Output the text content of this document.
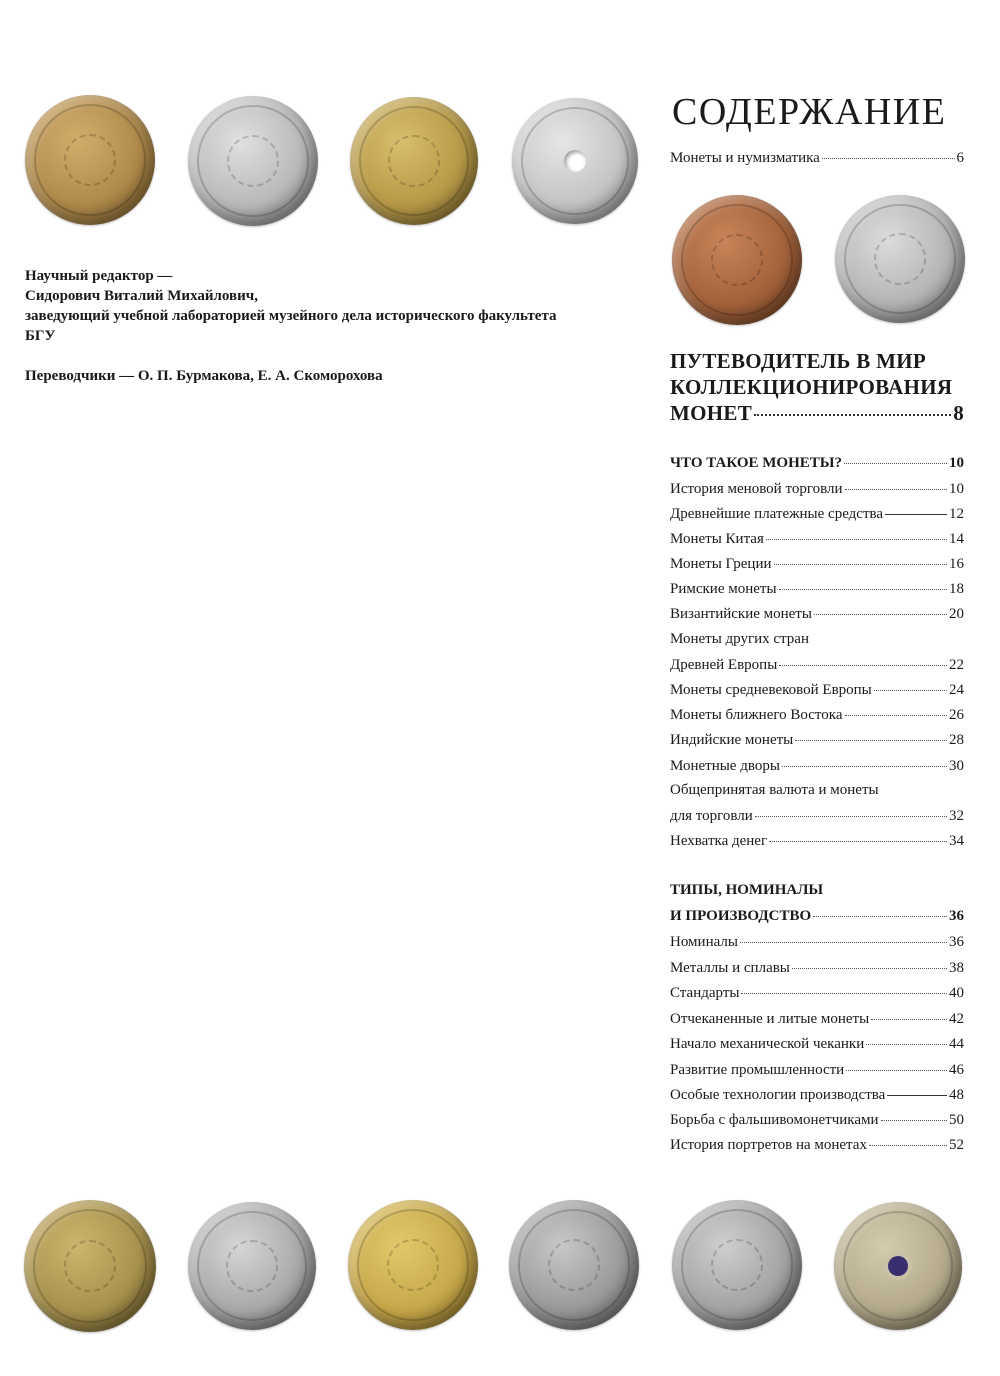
Научный редактор —
Сидорович Виталий Михайлович,
заведующий учебной лабораторией музейного дела исторического факультета
БГУ
Переводчики — О. П. Бурмакова, Е. А. Скоморохова
СОДЕРЖАНИЕ
Монеты и нумизматика	6
ПУТЕВОДИТЕЛЬ В МИР
КОЛЛЕКЦИОНИРОВАНИЯ
МОНЕТ	8
ЧТО ТАКОЕ МОНЕТЫ?	10
История меновой торговли	10
Древнейшие платежные средства	12
Монеты Китая	14
Монеты Греции	16
Римские монеты	18
Византийские монеты	20
Монеты других стран
Древней Европы	22
Монеты средневековой Европы	24
Монеты ближнего Востока	26
Индийские монеты	28
Монетные дворы	30
Общепринятая валюта и монеты
для торговли	32
Нехватка денег	34
ТИПЫ, НОМИНАЛЫ
И ПРОИЗВОДСТВО	36
Номиналы	36
Металлы и сплавы	38
Стандарты	40
Отчеканенные и литые монеты	42
Начало механической чеканки	44
Развитие промышленности	46
Особые технологии производства	48
Борьба с фальшивомонетчиками	50
История портретов на монетах	52
